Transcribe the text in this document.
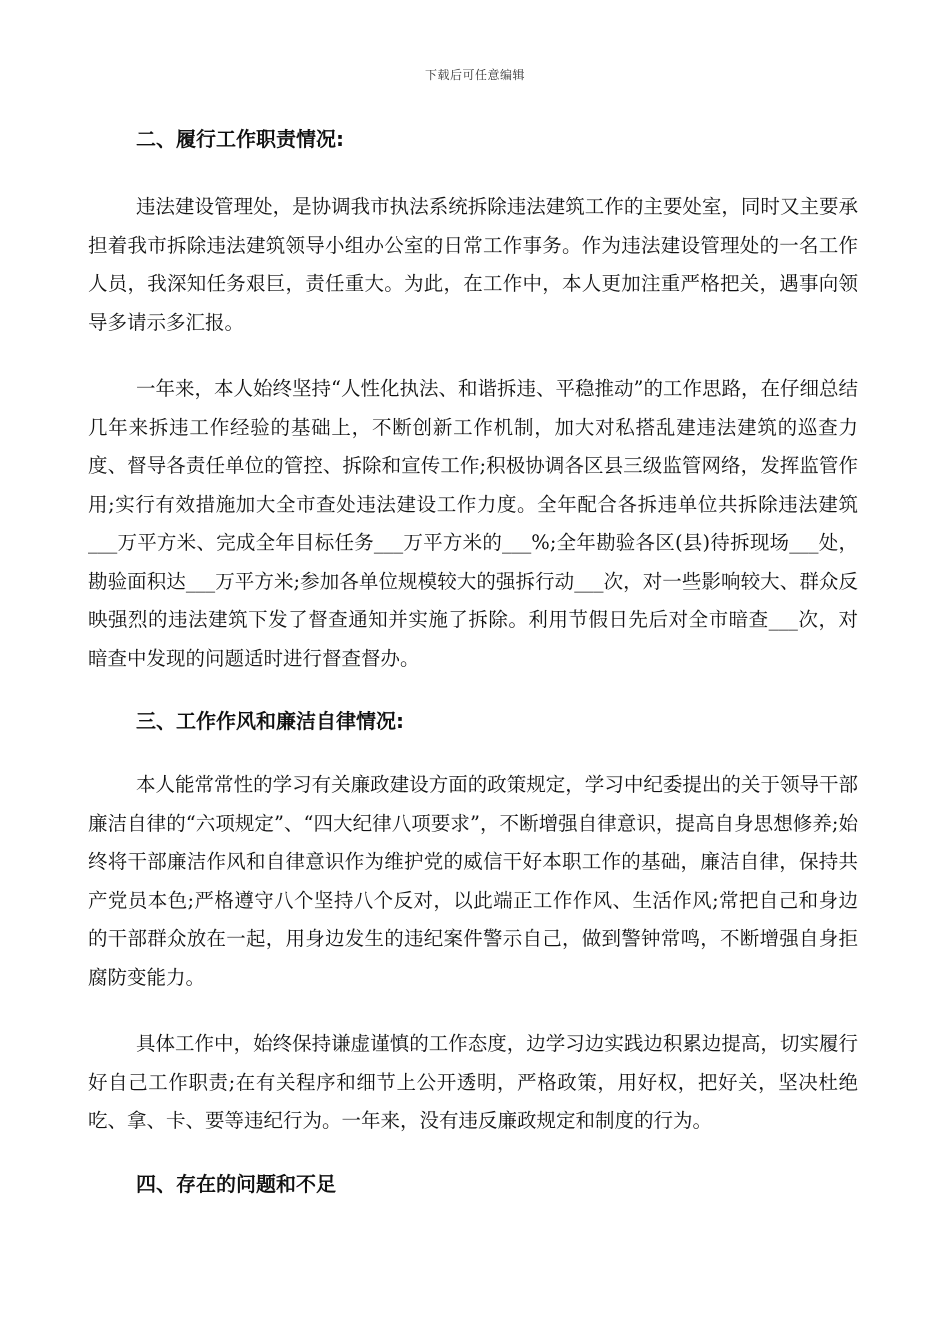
下载后可任意编辑
二、履行工作职责情况:

违法建设管理处，是协调我市执法系统拆除违法建筑工作的主要处室，同时又主要承担着我市拆除违法建筑领导小组办公室的日常工作事务。作为违法建设管理处的一名工作人员，我深知任务艰巨，责任重大。为此，在工作中，本人更加注重严格把关，遇事向领导多请示多汇报。

一年来，本人始终坚持“人性化执法、和谐拆违、平稳推动”的工作思路，在仔细总结几年来拆违工作经验的基础上，不断创新工作机制，加大对私搭乱建违法建筑的巡查力度、督导各责任单位的管控、拆除和宣传工作;积极协调各区县三级监管网络，发挥监管作用;实行有效措施加大全市查处违法建设工作力度。全年配合各拆违单位共拆除违法建筑___万平方米、完成全年目标任务___万平方米的___%;全年勘验各区(县)待拆现场___处，勘验面积达___万平方米;参加各单位规模较大的强拆行动___次，对一些影响较大、群众反映强烈的违法建筑下发了督查通知并实施了拆除。利用节假日先后对全市暗查___次，对暗查中发现的问题适时进行督查督办。

三、工作作风和廉洁自律情况:

本人能常常性的学习有关廉政建设方面的政策规定，学习中纪委提出的关于领导干部廉洁自律的“六项规定”、“四大纪律八项要求”，不断增强自律意识，提高自身思想修养;始终将干部廉洁作风和自律意识作为维护党的威信干好本职工作的基础，廉洁自律，保持共产党员本色;严格遵守八个坚持八个反对，以此端正工作作风、生活作风;常把自己和身边的干部群众放在一起，用身边发生的违纪案件警示自己，做到警钟常鸣，不断增强自身拒腐防变能力。

具体工作中，始终保持谦虚谨慎的工作态度，边学习边实践边积累边提高，切实履行好自己工作职责;在有关程序和细节上公开透明，严格政策，用好权，把好关，坚决杜绝吃、拿、卡、要等违纪行为。一年来，没有违反廉政规定和制度的行为。

四、存在的问题和不足
